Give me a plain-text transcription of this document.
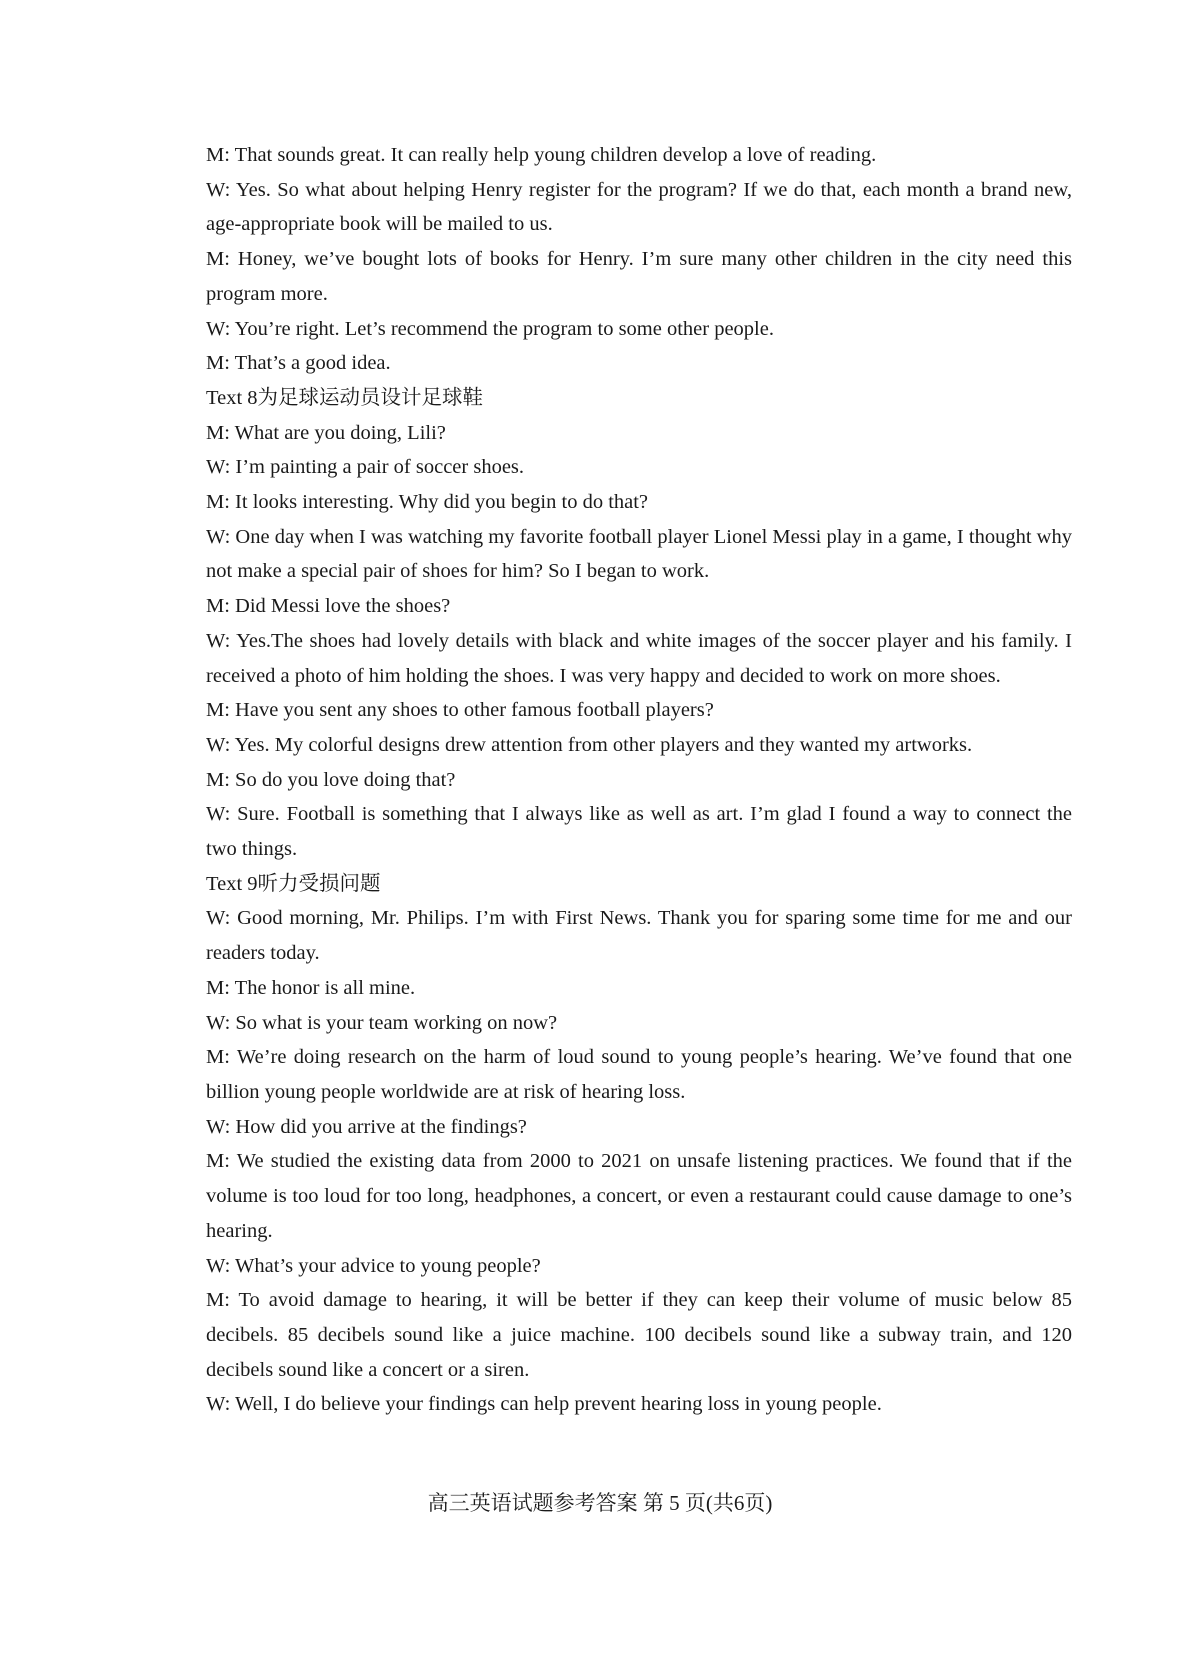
M: That sounds great. It can really help young children develop a love of reading.

W: Yes. So what about helping Henry register for the program? If we do that, each month a brand new, age-appropriate book will be mailed to us.

M: Honey, we’ve bought lots of books for Henry. I’m sure many other children in the city need this program more.

W: You’re right. Let’s recommend the program to some other people.

M: That’s a good idea.

Text 8为足球运动员设计足球鞋

M: What are you doing, Lili?

W: I’m painting a pair of soccer shoes.

M: It looks interesting. Why did you begin to do that?

W: One day when I was watching my favorite football player Lionel Messi play in a game, I thought why not make a special pair of shoes for him? So I began to work.

M: Did Messi love the shoes?

W: Yes.The shoes had lovely details with black and white images of the soccer player and his family. I received a photo of him holding the shoes. I was very happy and decided to work on more shoes.

M: Have you sent any shoes to other famous football players?

W: Yes. My colorful designs drew attention from other players and they wanted my artworks.

M: So do you love doing that?

W: Sure. Football is something that I always like as well as art. I’m glad I found a way to connect the two things.

Text 9听力受损问题

W: Good morning, Mr. Philips. I’m with First News. Thank you for sparing some time for me and our readers today.

M: The honor is all mine.

W: So what is your team working on now?

M: We’re doing research on the harm of loud sound to young people’s hearing. We’ve found that one billion young people worldwide are at risk of hearing loss.

W: How did you arrive at the findings?

M: We studied the existing data from 2000 to 2021 on unsafe listening practices. We found that if the volume is too loud for too long, headphones, a concert, or even a restaurant could cause damage to one’s hearing.

W: What’s your advice to young people?

M: To avoid damage to hearing, it will be better if they can keep their volume of music below 85 decibels. 85 decibels sound like a juice machine. 100 decibels sound like a subway train, and 120 decibels sound like a concert or a siren.

W: Well, I do believe your findings can help prevent hearing loss in young people.

高三英语试题参考答案 第 5 页(共6页)
